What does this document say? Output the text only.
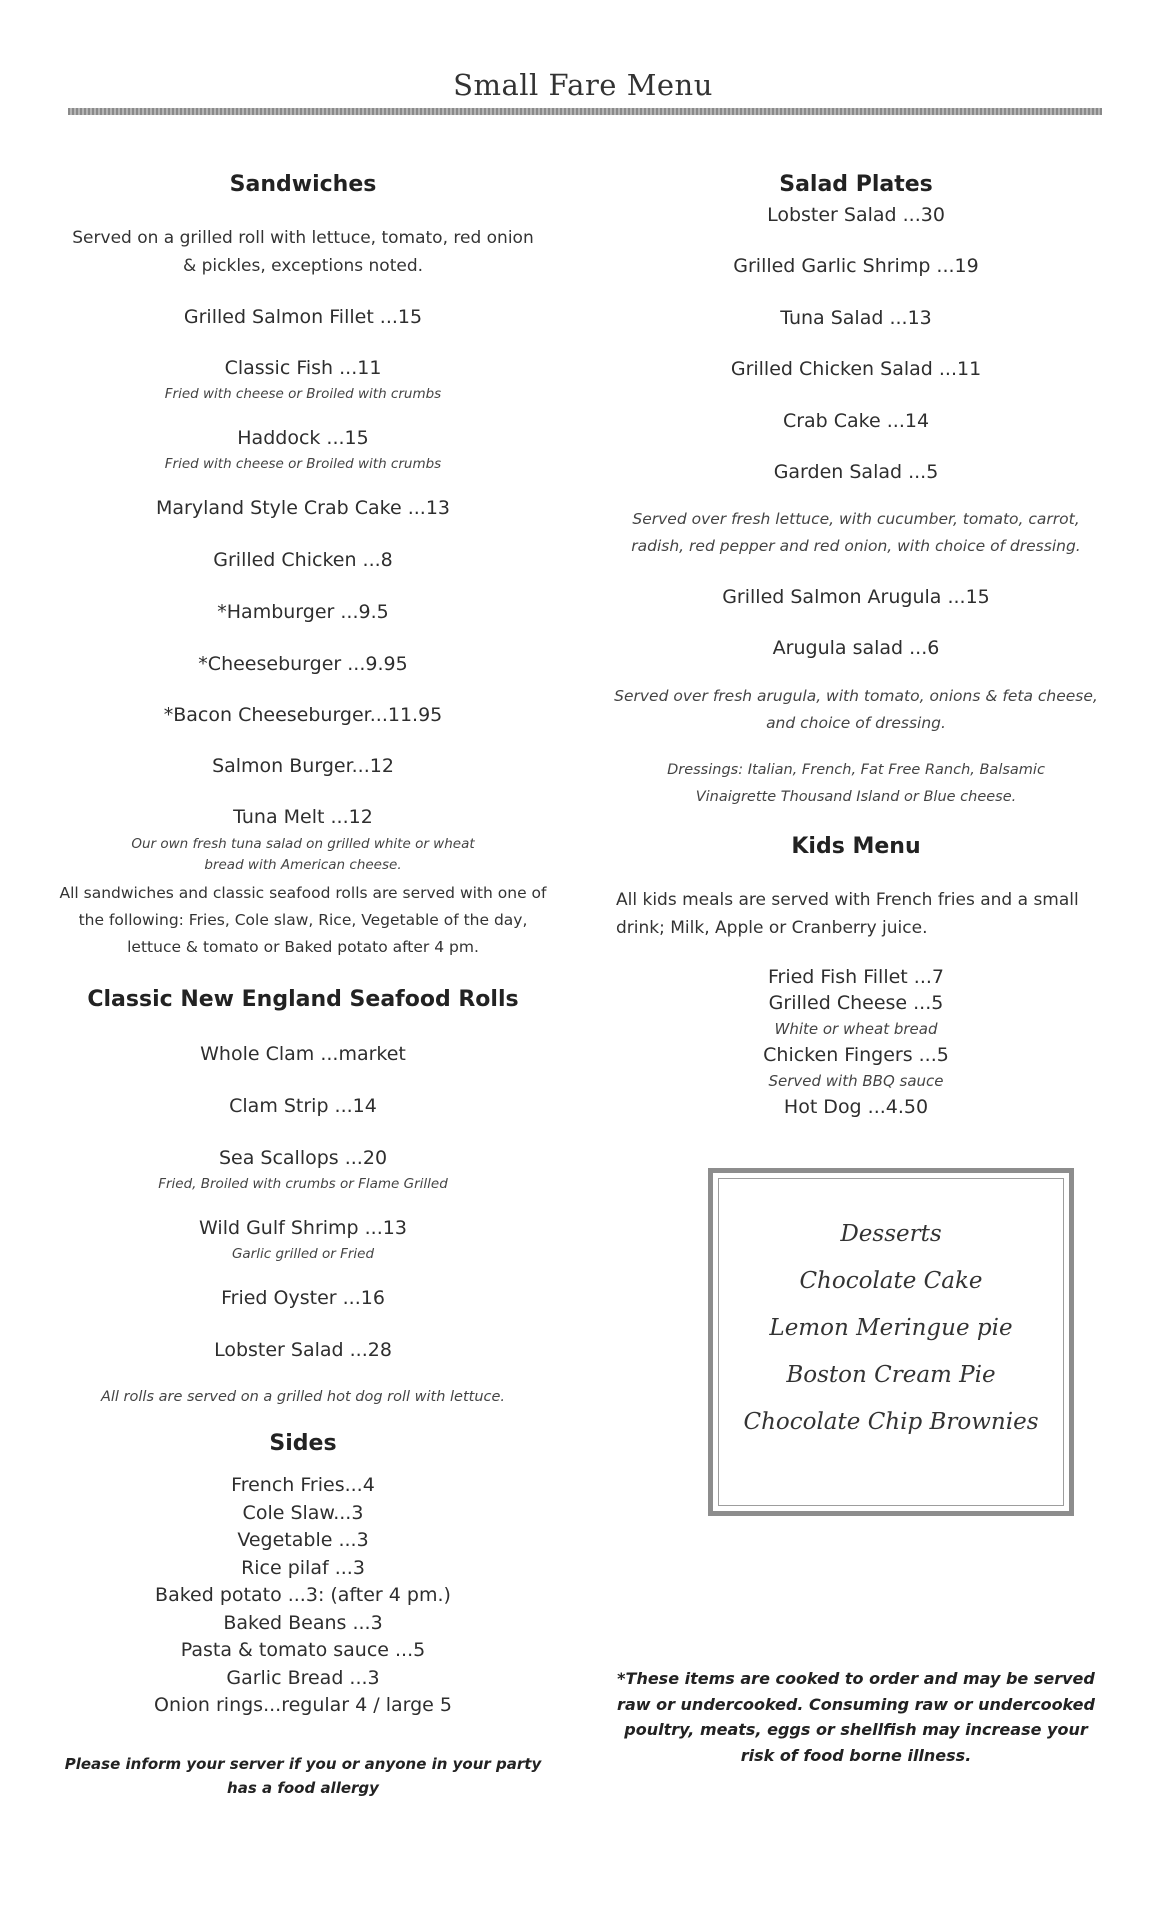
Small Fare Menu
Sandwiches
Served on a grilled roll with lettuce, tomato, red onion & pickles, exceptions noted.
Grilled Salmon Fillet ...15
Classic Fish ...11
Fried with cheese or Broiled with crumbs
Haddock ...15
Fried with cheese or Broiled with crumbs
Maryland Style Crab Cake ...13
Grilled Chicken ...8
*Hamburger ...9.5
*Cheeseburger ...9.95
*Bacon Cheeseburger...11.95
Salmon Burger...12
Tuna Melt ...12
Our own fresh tuna salad on grilled white or wheat bread with American cheese.
All sandwiches and classic seafood rolls are served with one of the following: Fries, Cole slaw, Rice, Vegetable of the day, lettuce & tomato or Baked potato after 4 pm.
Classic New England Seafood Rolls
Whole Clam ...market
Clam Strip ...14
Sea Scallops ...20
Fried, Broiled with crumbs or Flame Grilled
Wild Gulf Shrimp ...13
Garlic grilled or Fried
Fried Oyster ...16
Lobster Salad ...28
All rolls are served on a grilled hot dog roll with lettuce.
Sides
French Fries...4
Cole Slaw...3
Vegetable ...3
Rice pilaf ...3
Baked potato ...3: (after 4 pm.)
Baked Beans ...3
Pasta & tomato sauce ...5
Garlic Bread ...3
Onion rings...regular 4 / large 5
Please inform your server if you or anyone in your party has a food allergy
Salad Plates
Lobster Salad ...30
Grilled Garlic Shrimp ...19
Tuna Salad ...13
Grilled Chicken Salad ...11
Crab Cake ...14
Garden Salad ...5
Served over fresh lettuce, with cucumber, tomato, carrot, radish, red pepper and red onion, with choice of dressing.
Grilled Salmon Arugula ...15
Arugula salad ...6
Served over fresh arugula, with tomato, onions & feta cheese, and choice of dressing.
Dressings: Italian, French, Fat Free Ranch, Balsamic Vinaigrette Thousand Island or Blue cheese.
Kids Menu
All kids meals are served with French fries and a small drink; Milk, Apple or Cranberry juice.
Fried Fish Fillet ...7
Grilled Cheese ...5
White or wheat bread
Chicken Fingers ...5
Served with BBQ sauce
Hot Dog ...4.50
*These items are cooked to order and may be served raw or undercooked. Consuming raw or undercooked poultry, meats, eggs or shellfish may increase your risk of food borne illness.
Desserts
Chocolate Cake
Lemon Meringue pie
Boston Cream Pie
Chocolate Chip Brownies
